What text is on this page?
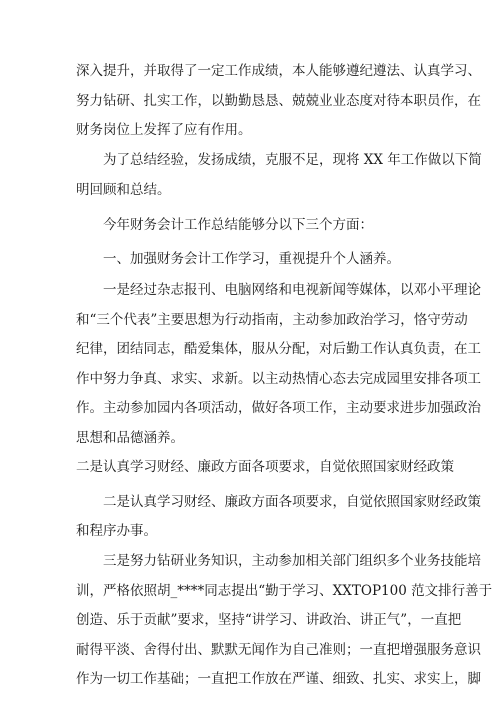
深入提升，并取得了一定工作成绩，本人能够遵纪遵法、认真学习、
努力钻研、扎实工作，以勤勤恳恳、兢兢业业态度对待本职员作，在
财务岗位上发挥了应有作用。
为了总结经验，发扬成绩，克服不足，现将 XX 年工作做以下简
明回顾和总结。
今年财务会计工作总结能够分以下三个方面：
一、加强财务会计工作学习，重视提升个人涵养。
一是经过杂志报刊、电脑网络和电视新闻等媒体，以邓小平理论
和“三个代表”主要思想为行动指南，主动参加政治学习，恪守劳动
纪律，团结同志，酷爱集体，服从分配，对后勤工作认真负责，在工
作中努力争真、求实、求新。以主动热情心态去完成园里安排各项工
作。主动参加园内各项活动，做好各项工作，主动要求进步加强政治
思想和品德涵养。
二是认真学习财经、廉政方面各项要求，自觉依照国家财经政策
二是认真学习财经、廉政方面各项要求，自觉依照国家财经政策
和程序办事。
三是努力钻研业务知识，主动参加相关部门组织多个业务技能培
训，严格依照胡_****同志提出“勤于学习、XXTOP100 范文排行善于
创造、乐于贡献”要求，坚持“讲学习、讲政治、讲正气”，一直把
耐得平淡、舍得付出、默默无闻作为自己准则；一直把增强服务意识
作为一切工作基础；一直把工作放在严谨、细致、扎实、求实上，脚
